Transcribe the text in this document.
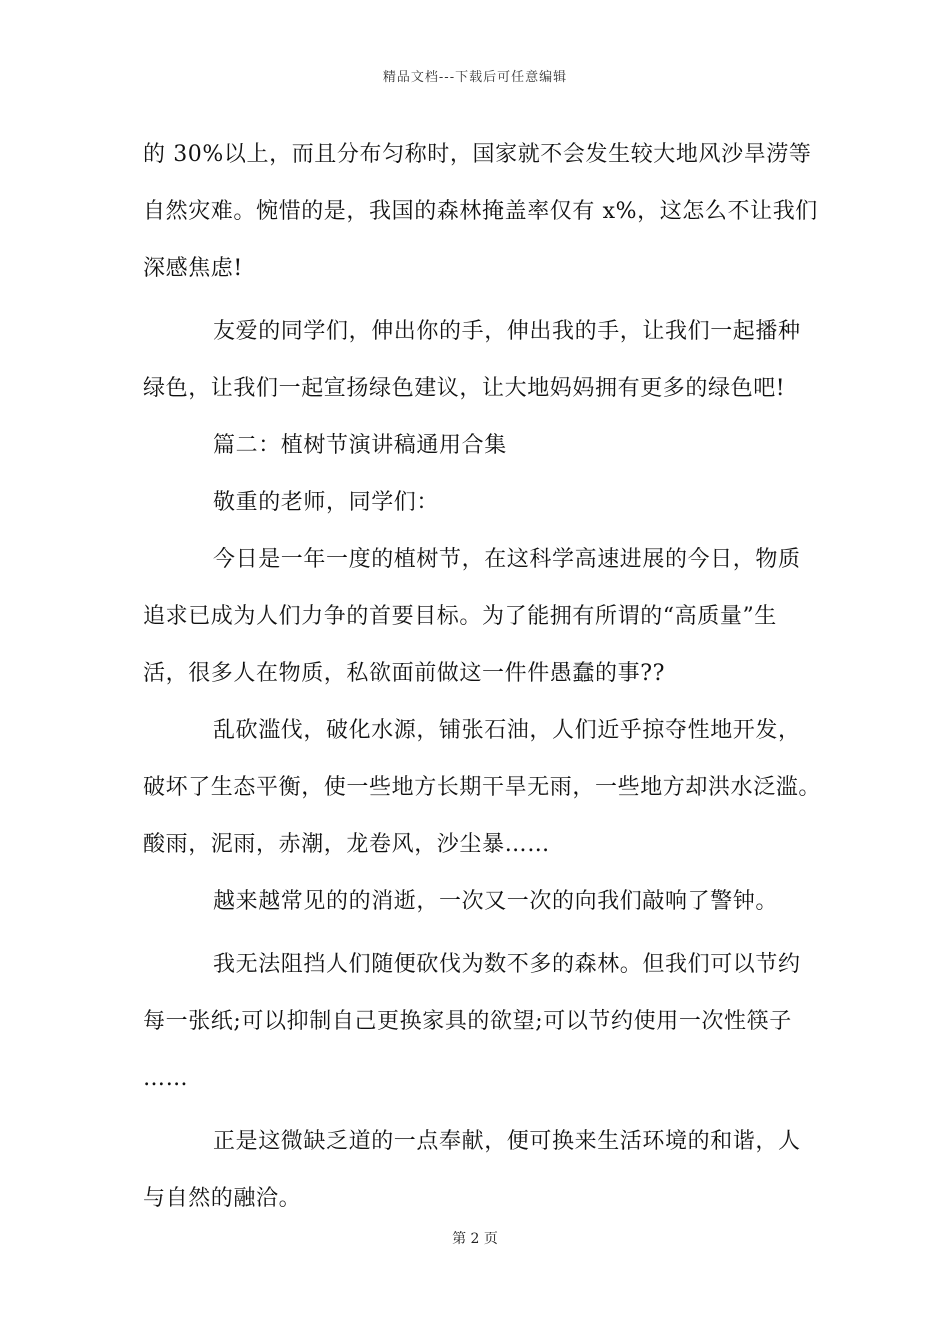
精品文档---下载后可任意编辑
的 30%以上，而且分布匀称时，国家就不会发生较大地风沙旱涝等
自然灾难。惋惜的是，我国的森林掩盖率仅有 x%，这怎么不让我们
深感焦虑!
友爱的同学们，伸出你的手，伸出我的手，让我们一起播种
绿色，让我们一起宣扬绿色建议，让大地妈妈拥有更多的绿色吧!
篇二：植树节演讲稿通用合集
敬重的老师，同学们：
今日是一年一度的植树节，在这科学高速进展的今日，物质
追求已成为人们力争的首要目标。为了能拥有所谓的“高质量”生
活，很多人在物质，私欲面前做这一件件愚蠢的事??
乱砍滥伐，破化水源，铺张石油，人们近乎掠夺性地开发，
破坏了生态平衡，使一些地方长期干旱无雨，一些地方却洪水泛滥。
酸雨，泥雨，赤潮，龙卷风，沙尘暴……
越来越常见的的消逝，一次又一次的向我们敲响了警钟。
我无法阻挡人们随便砍伐为数不多的森林。但我们可以节约
每一张纸;可以抑制自己更换家具的欲望;可以节约使用一次性筷子
……
正是这微缺乏道的一点奉献，便可换来生活环境的和谐，人
与自然的融洽。
第 2 页
